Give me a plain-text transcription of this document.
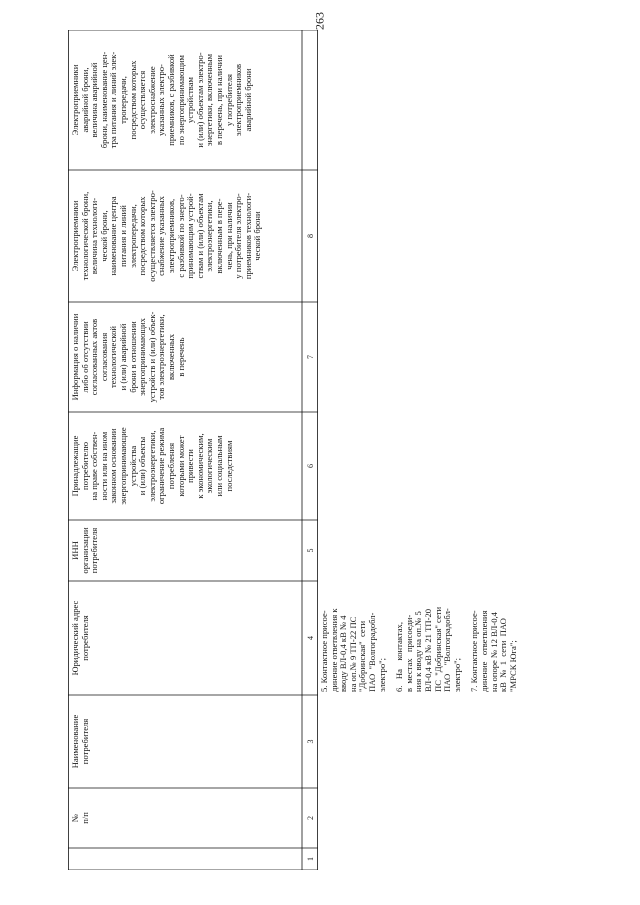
263
№
п/п
Наименование
потребителя
Юридический адрес
потребителя
ИНН
организации
потребителя
Принадлежащие
потребителю
на праве собствен-
ности или на ином
законном основании
энергопринимающие
устройства
и (или) объекты
электроэнергетики,
ограничение режима
потребления
которыми может
привести
к экономическим,
экологическим
или социальным
последствиям
Информация о наличии
либо об отсутствии
согласованных актов
согласования
технологической
и (или) аварийной
брони в отношении
энергопринимающих
устройств и (или) объек-
тов электроэнергетики,
включенных
в перечень
Электроприемники
технологической брони,
величина технологи-
ческой брони,
наименование центра
питания и линий
электропередачи,
посредством которых
осуществляется электро-
снабжение указанных
электроприемников,
с разбивкой по энерго-
принимающим устрой-
ствам и (или) объектам
электроэнергетики,
включенным в пере-
чень, при наличии
у потребителя электро-
приемников технологи-
ческой брони
Электроприемники
аварийной брони,
величина аварийной
брони, наименование цен-
тра питания и линий элек-
тропередачи,
посредством которых
осуществляется
электроснабжение
указанных электро-
приемников, с разбивкой
по энергопринимающим
устройствам
и (или) объектам электро-
энергетики, включенным
в перечень, при наличии
у потребителя
электроприемников
аварийной брони
1
2
3
4
5
6
7
8

5. Контактное присое-
динение ответвления к
вводу ВЛ-0,4 кВ № 4
на оп.№ 9 ТП-22 ПС
"Добринская"  сети
ПАО  "Волгоградобл-
электро"; 6.   На    контактах,
в  местах   присоеди-
ния к вводу на оп.№ 5
ВЛ-0,4 кВ № 21 ТП-20
ПС  "Добринская" сети
ПАО    "Волгоградобл-
электро"; 7. Контактное присое-
динение   ответвления
на опоре № 12 ВЛ-0,4
кВ  №  1  сети  ПАО
"МРСК Юга";
